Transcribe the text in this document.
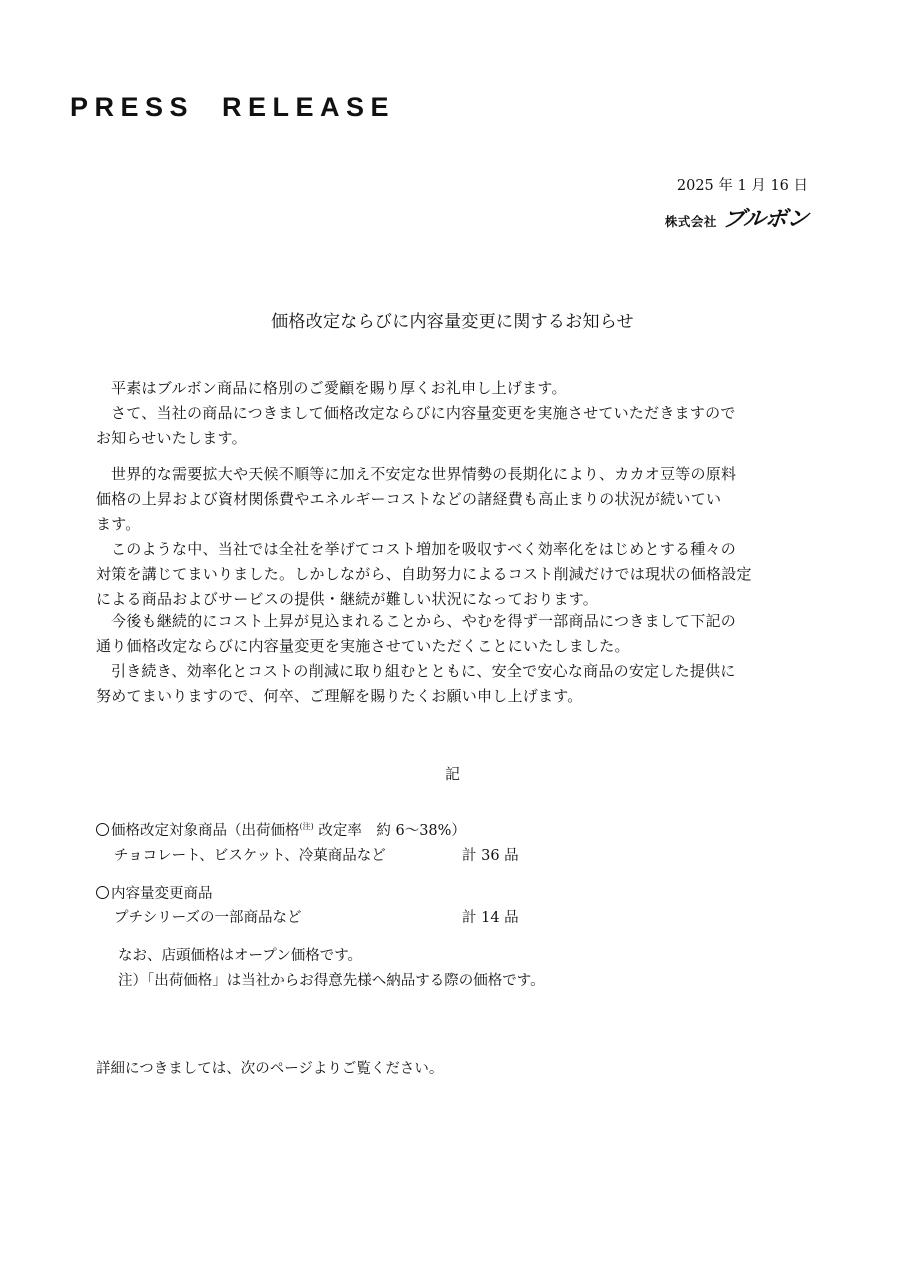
PRESS  RELEASE
2025 年 1 月 16 日
株式会社 ブルボン
価格改定ならびに内容量変更に関するお知らせ
平素はブルボン商品に格別のご愛顧を賜り厚くお礼申し上げます。
さて、当社の商品につきまして価格改定ならびに内容量変更を実施させていただきますので
お知らせいたします。
世界的な需要拡大や天候不順等に加え不安定な世界情勢の長期化により、カカオ豆等の原料
価格の上昇および資材関係費やエネルギーコストなどの諸経費も高止まりの状況が続いてい
ます。
このような中、当社では全社を挙げてコスト増加を吸収すべく効率化をはじめとする種々の
対策を講じてまいりました。しかしながら、自助努力によるコスト削減だけでは現状の価格設定
による商品およびサービスの提供・継続が難しい状況になっております。
今後も継続的にコスト上昇が見込まれることから、やむを得ず一部商品につきまして下記の
通り価格改定ならびに内容量変更を実施させていただくことにいたしました。
引き続き、効率化とコストの削減に取り組むとともに、安全で安心な商品の安定した提供に
努めてまいりますので、何卒、ご理解を賜りたくお願い申し上げます。
記
価格改定対象商品（出荷価格$^{(注)}$ 改定率　約 6～38%）
チョコレート、ビスケット、冷菓商品など	計 36 品
内容量変更商品
プチシリーズの一部商品など	計 14 品
なお、店頭価格はオープン価格です。
注）「出荷価格」は当社からお得意先様へ納品する際の価格です。
詳細につきましては、次のページよりご覧ください。
